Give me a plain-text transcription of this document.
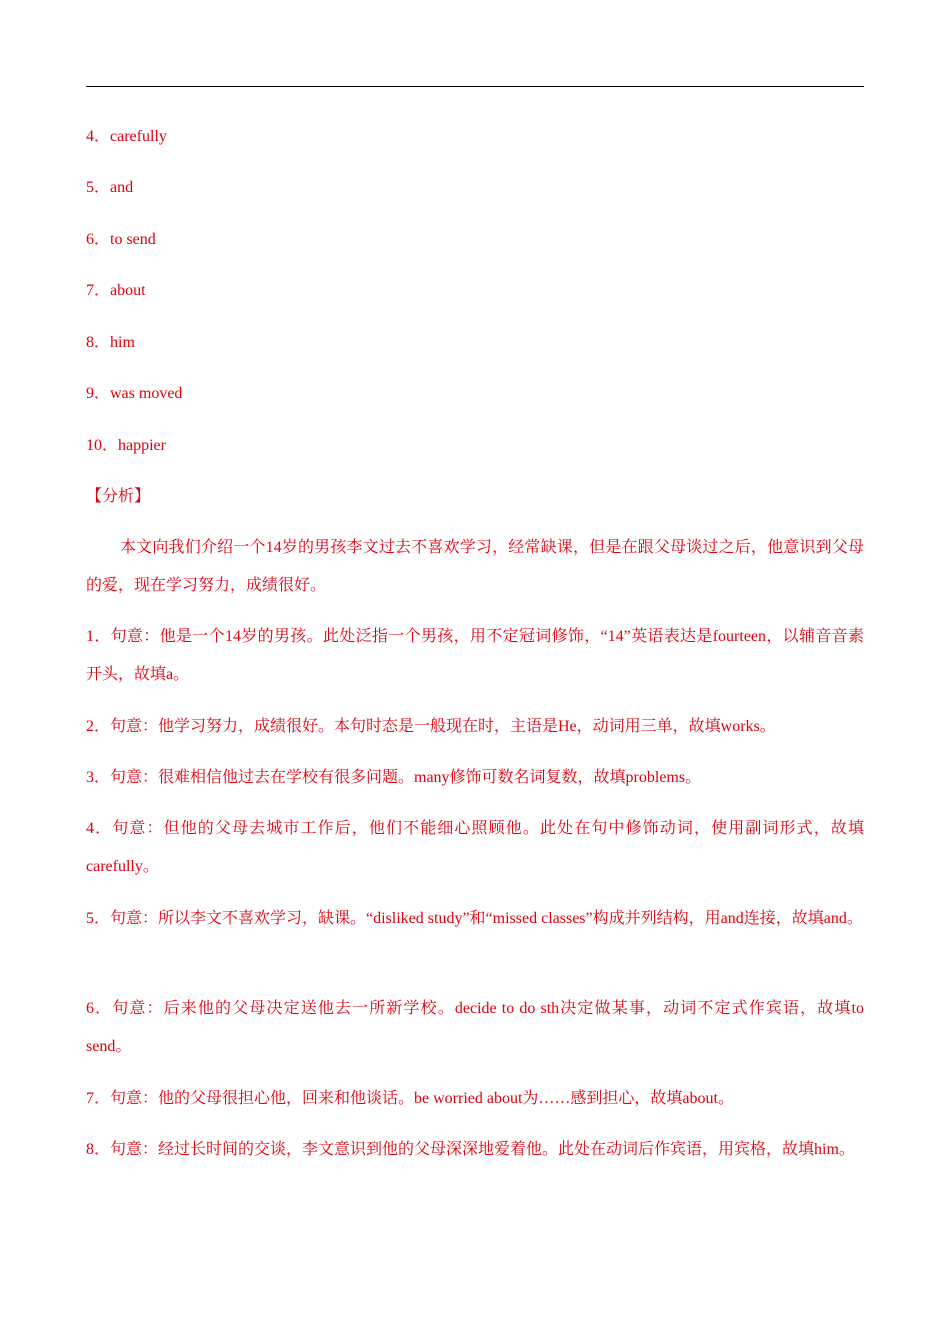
4．carefully
5．and
6．to send
7．about
8．him
9．was moved
10．happier
【分析】
本文向我们介绍一个14岁的男孩李文过去不喜欢学习，经常缺课，但是在跟父母谈过之后，他意识到父母的爱，现在学习努力，成绩很好。
1．句意：他是一个14岁的男孩。此处泛指一个男孩，用不定冠词修饰，“14”英语表达是fourteen，以辅音音素开头，故填a。
2．句意：他学习努力，成绩很好。本句时态是一般现在时，主语是He，动词用三单，故填works。
3．句意：很难相信他过去在学校有很多问题。many修饰可数名词复数，故填problems。
4．句意：但他的父母去城市工作后，他们不能细心照顾他。此处在句中修饰动词，使用副词形式，故填carefully。
5．句意：所以李文不喜欢学习，缺课。“disliked study”和“missed classes”构成并列结构，用and连接，故填and。
6．句意：后来他的父母决定送他去一所新学校。decide to do sth决定做某事，动词不定式作宾语，故填to send。
7．句意：他的父母很担心他，回来和他谈话。be worried about为……感到担心，故填about。
8．句意：经过长时间的交谈，李文意识到他的父母深深地爱着他。此处在动词后作宾语，用宾格，故填him。
